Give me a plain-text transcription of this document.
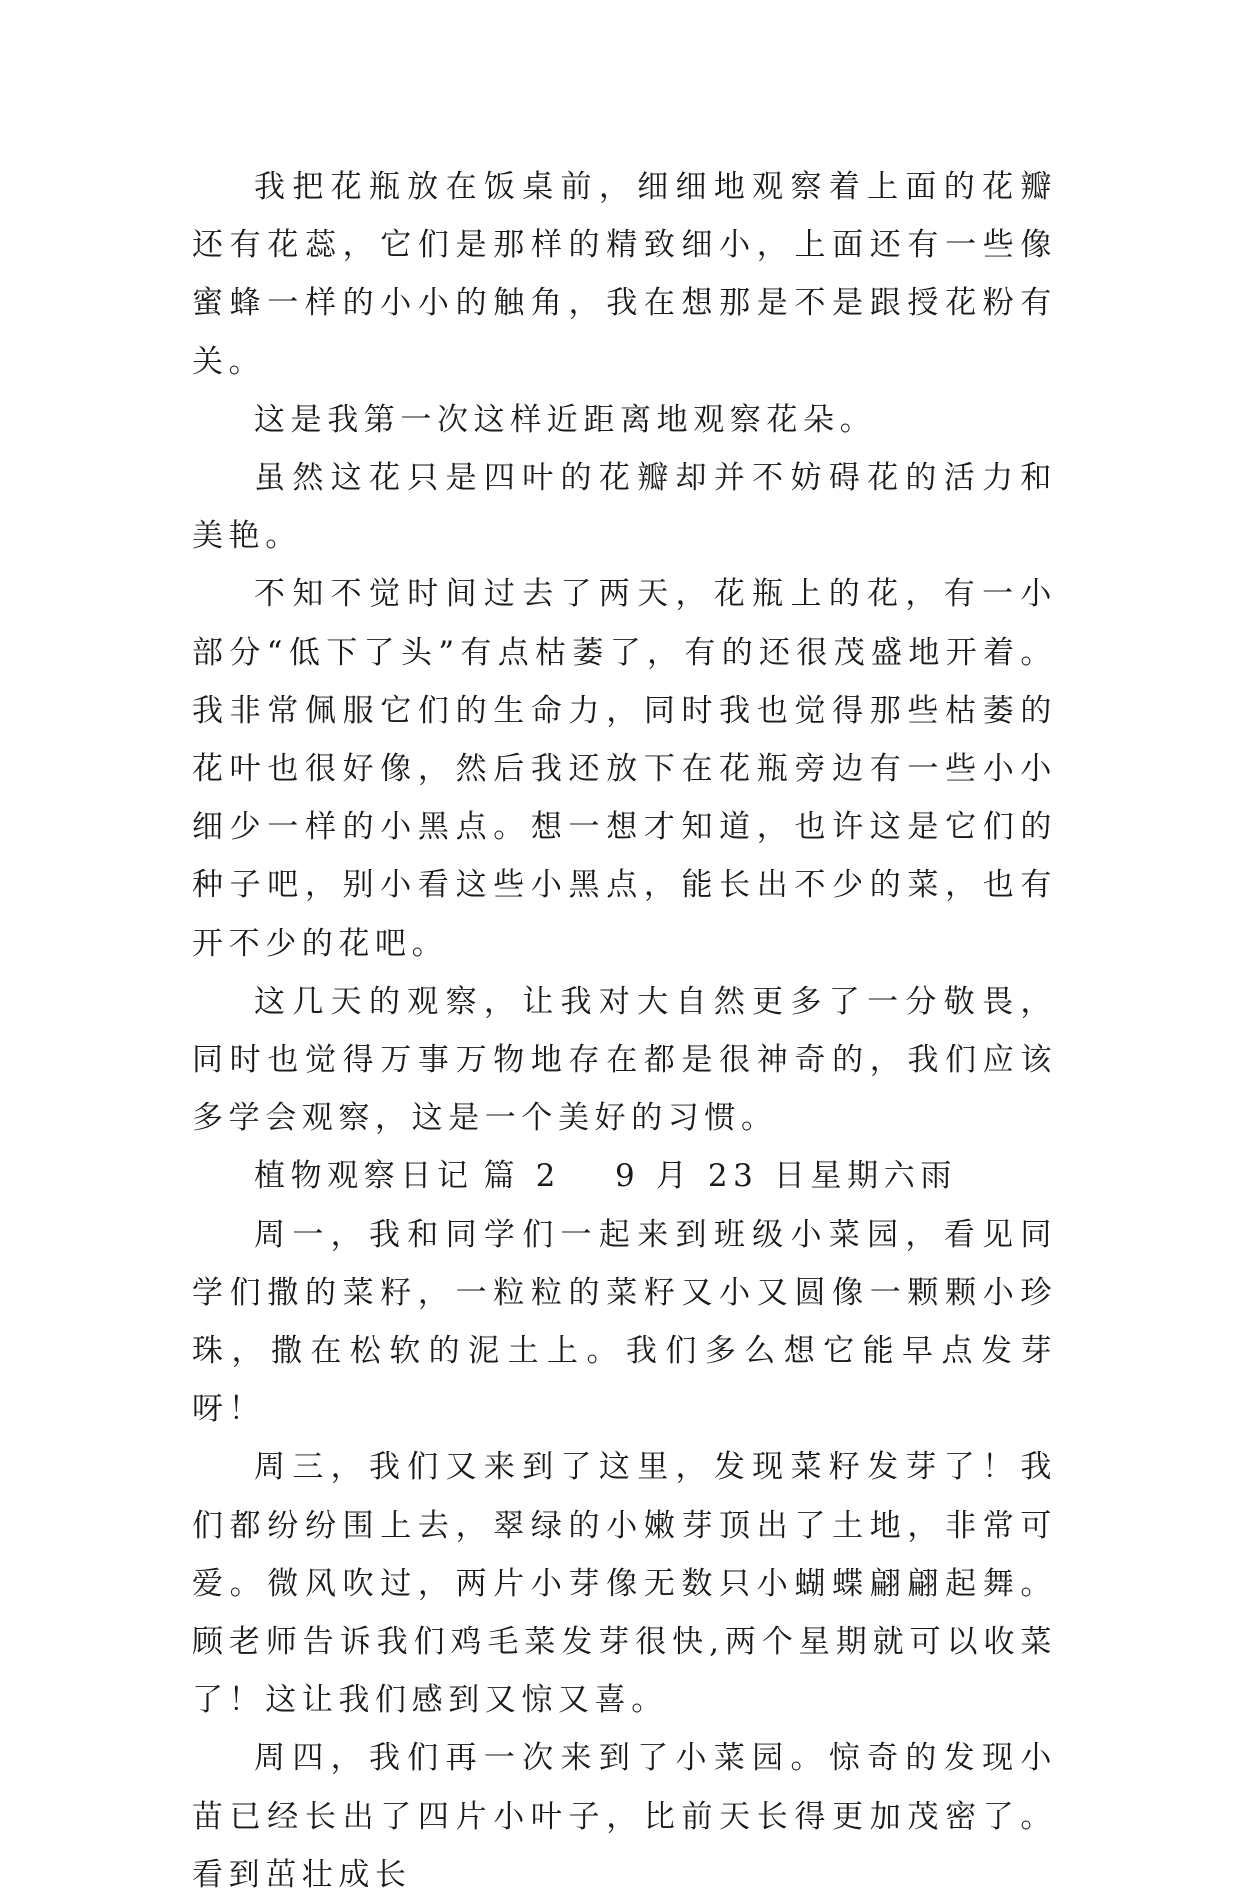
我把花瓶放在饭桌前，细细地观察着上面的花瓣还有花蕊，它们是那样的精致细小，上面还有一些像蜜蜂一样的小小的触角，我在想那是不是跟授花粉有关。

这是我第一次这样近距离地观察花朵。

虽然这花只是四叶的花瓣却并不妨碍花的活力和美艳。

不知不觉时间过去了两天，花瓶上的花，有一小部分“低下了头”有点枯萎了，有的还很茂盛地开着。我非常佩服它们的生命力，同时我也觉得那些枯萎的花叶也很好像，然后我还放下在花瓶旁边有一些小小细少一样的小黑点。想一想才知道，也许这是它们的种子吧，别小看这些小黑点，能长出不少的菜，也有开不少的花吧。

这几天的观察，让我对大自然更多了一分敬畏，同时也觉得万事万物地存在都是很神奇的，我们应该多学会观察，这是一个美好的习惯。

植物观察日记 篇 2 9 月 23 日星期六雨

周一，我和同学们一起来到班级小菜园，看见同学们撒的菜籽，一粒粒的菜籽又小又圆像一颗颗小珍珠，撒在松软的泥土上。我们多么想它能早点发芽呀！

周三，我们又来到了这里，发现菜籽发芽了！我们都纷纷围上去，翠绿的小嫩芽顶出了土地，非常可爱。微风吹过，两片小芽像无数只小蝴蝶翩翩起舞。顾老师告诉我们鸡毛菜发芽很快,两个星期就可以收菜了！这让我们感到又惊又喜。

周四，我们再一次来到了小菜园。惊奇的发现小苗已经长出了四片小叶子，比前天长得更加茂密了。看到茁壮成长
